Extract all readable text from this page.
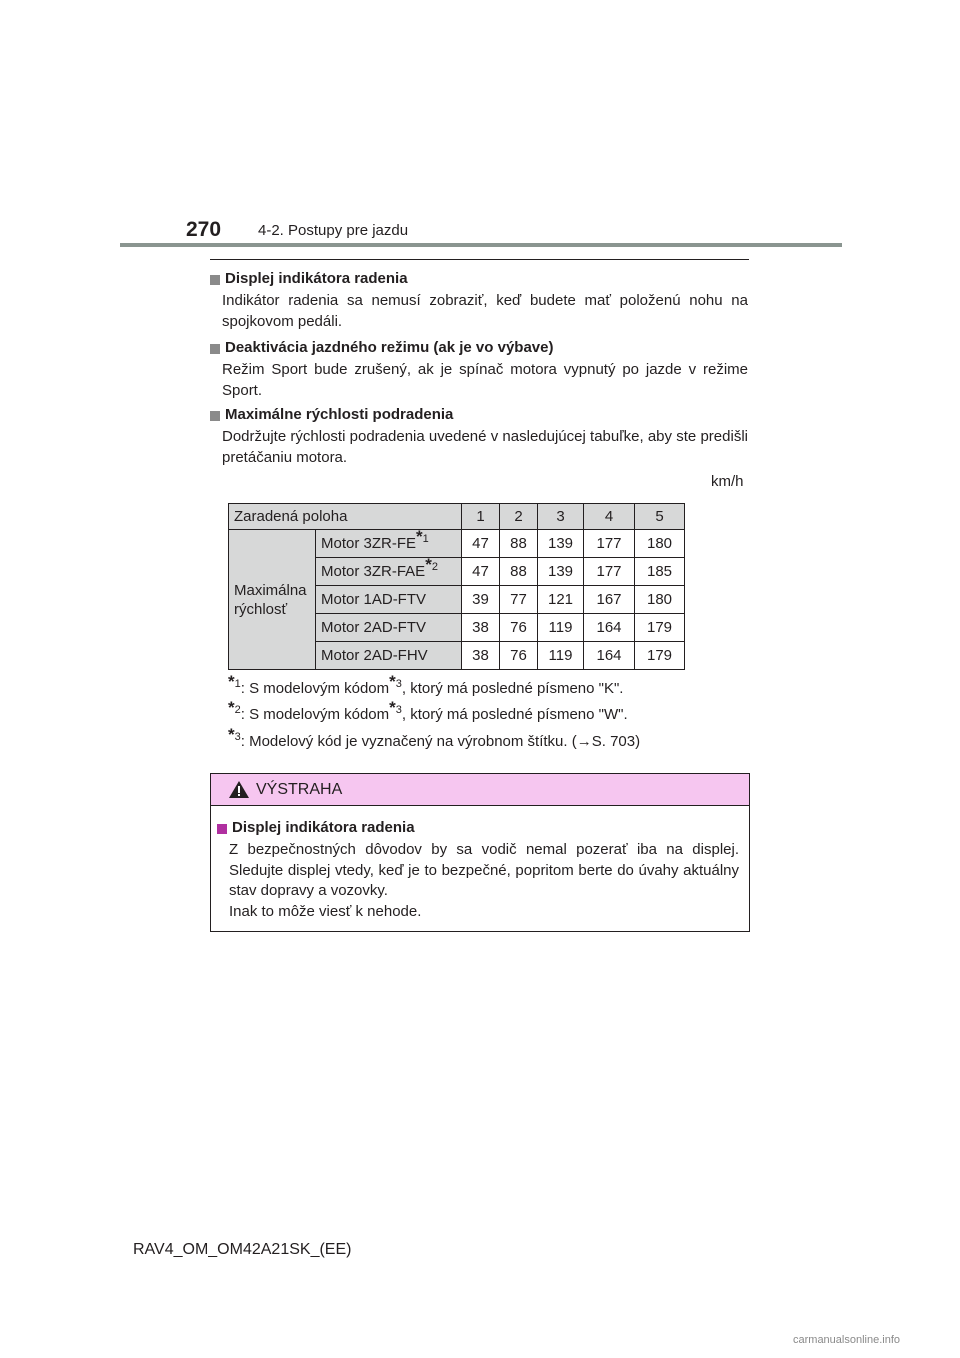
270 4-2. Postupy pre jazdu
Displej indikátora radenia
Indikátor radenia sa nemusí zobraziť, keď budete mať položenú nohu na spojkovom pedáli.
Deaktivácia jazdného režimu (ak je vo výbave)
Režim Sport bude zrušený, ak je spínač motora vypnutý po jazde v režime Sport.
Maximálne rýchlosti podradenia
Dodržujte rýchlosti podradenia uvedené v nasledujúcej tabuľke, aby ste predišli pretáčaniu motora.
km/h
Zaradená poloha		1	2	3	4	5
Maximálna rýchlosť	Motor 3ZR-FE*$^1$	47	88	139	177	180
	Motor 3ZR-FAE*$^2$	47	88	139	177	185
	Motor 1AD-FTV	39	77	121	167	180
	Motor 2AD-FTV	38	76	119	164	179
	Motor 2AD-FHV	38	76	119	164	179
*$^1$: S modelovým kódom*$^3$, ktorý má posledné písmeno "K".
*$^2$: S modelovým kódom*$^3$, ktorý má posledné písmeno "W".
*$^3$: Modelový kód je vyznačený na výrobnom štítku. (→S. 703)
VÝSTRAHA
Displej indikátora radenia
Z bezpečnostných dôvodov by sa vodič nemal pozerať iba na displej. Sledujte displej vtedy, keď je to bezpečné, popritom berte do úvahy aktuálny stav dopravy a vozovky.
Inak to môže viesť k nehode.
RAV4_OM_OM42A21SK_(EE)
carmanualsonline.info
